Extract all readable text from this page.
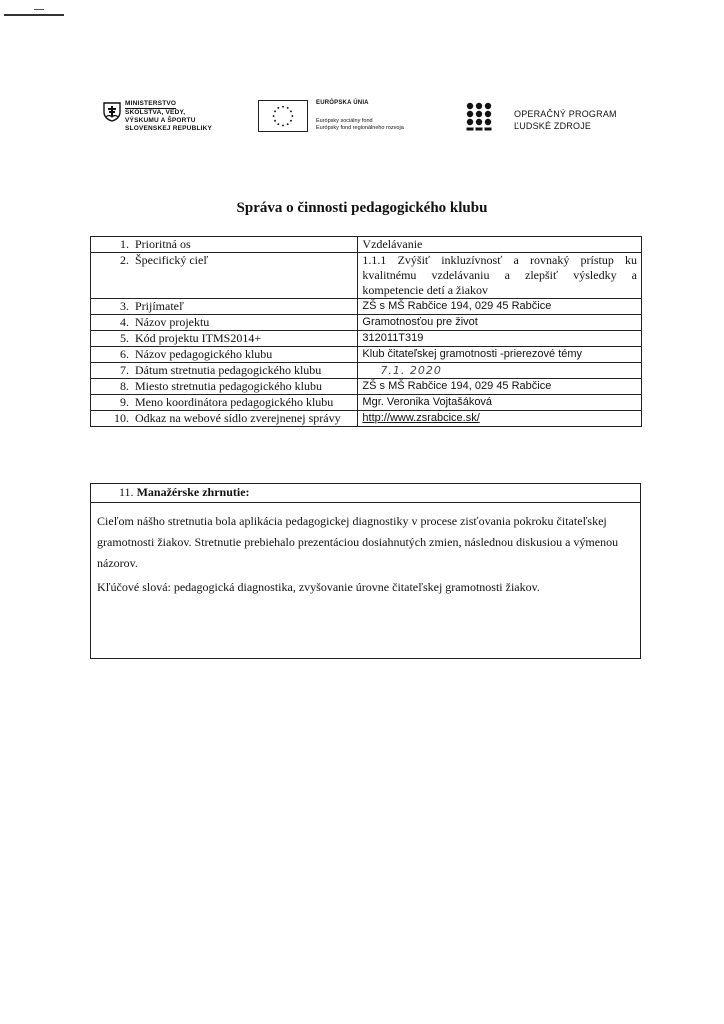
MINISTERSTVO
ŠKOLSTVA, VEDY,
VÝSKUMU A ŠPORTU
SLOVENSKEJ REPUBLIKY
EURÓPSKA ÚNIA
Európsky sociálny fond
Európsky fond regionálneho rozvoja
OPERAČNÝ PROGRAM
ĽUDSKÉ ZDROJE
Správa o činnosti pedagogického klubu
1. Prioritná os	Vzdelávanie
2. Špecifický cieľ	1.1.1 Zvýšiť inkluzívnosť a rovnaký prístup ku kvalitnému vzdelávaniu a zlepšiť výsledky a kompetencie detí a žiakov
3. Prijímateľ	ZŠ s MŠ Rabčice 194, 029 45 Rabčice
4. Názov projektu	Gramotnosťou pre život
5. Kód projektu ITMS2014+	312011T319
6. Názov pedagogického klubu	Klub čitateľskej gramotnosti -prierezové témy
7. Dátum stretnutia pedagogického klubu	7.1. 2020
8. Miesto stretnutia pedagogického klubu	ZŠ s MŠ Rabčice 194, 029 45 Rabčice
9. Meno koordinátora pedagogického klubu	Mgr. Veronika Vojtašáková
10. Odkaz na webové sídlo zverejnenej správy	http://www.zsrabcice.sk/
11. Manažérske zhrnutie:

Cieľom nášho stretnutia bola aplikácia pedagogickej diagnostiky v procese zisťovania pokroku čitateľskej gramotnosti žiakov. Stretnutie prebiehalo prezentáciou dosiahnutých zmien, následnou diskusiou a výmenou názorov.

Kľúčové slová: pedagogická diagnostika, zvyšovanie úrovne čitateľskej gramotnosti žiakov.
